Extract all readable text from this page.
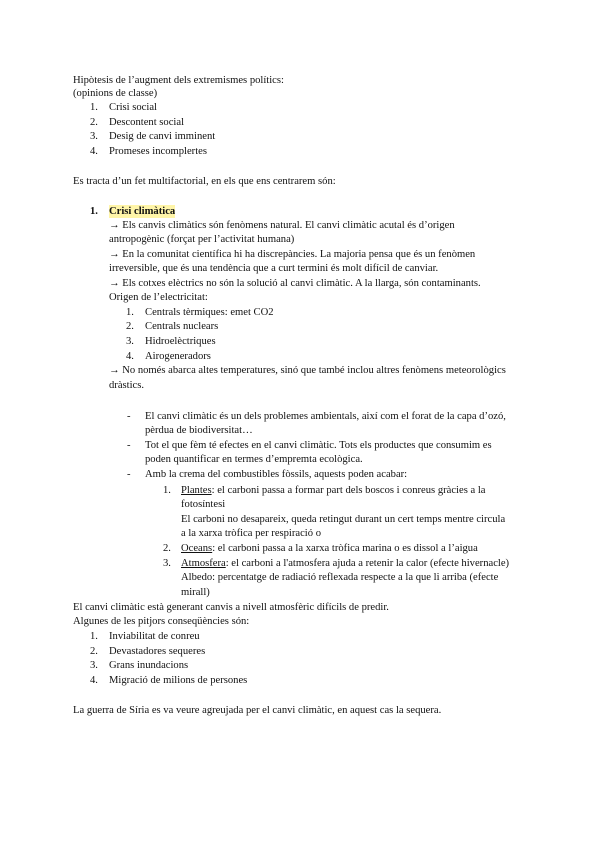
Hipòtesis de l’augment dels extremismes polítics:
(opinions de classe)
1. Crisi social
2. Descontent social
3. Desig de canvi imminent
4. Promeses incomplertes
Es tracta d’un fet multifactorial, en els que ens centrarem són:
1. Crisi climàtica
→ Els canvis climàtics són fenòmens natural. El canvi climàtic acutal és d’origen
antropogènic (forçat per l’activitat humana)
→ En la comunitat científica hi ha discrepàncies. La majoria pensa que és un fenòmen
irreversible, que és una tendència que a curt termini és molt difícil de canviar.
→ Els cotxes elèctrics no són la solució al canvi climàtic. A la llarga, són contaminants.
Origen de l’electricitat:
1. Centrals tèrmiques: emet CO2
2. Centrals nuclears
3. Hidroelèctriques
4. Airogeneradors
→ No només abarca altes temperatures, sinó que també inclou altres fenòmens meteorològics
dràstics.
- El canvi climàtic és un dels problemes ambientals, així com el forat de la capa d’ozó,
pèrdua de biodiversitat…
- Tot el que fèm té efectes en el canvi climàtic. Tots els productes que consumim es
poden quantificar en termes d’empremta ecològica.
- Amb la crema del combustibles fòssils, aquests poden acabar:
1. Plantes: el carboni passa a formar part dels boscos i conreus gràcies a la
fotosíntesi
El carboni no desapareix, queda retingut durant un cert temps mentre circula
a la xarxa tròfica per respiració o
2. Oceans: el carboni passa a la xarxa tròfica marina o es dissol a l’aigua
3. Atmosfera: el carboni a l'atmosfera ajuda a retenir la calor (efecte hivernacle)
Albedo: percentatge de radiació reflexada respecte a la que li arriba (efecte
mirall)
El canvi climàtic està generant canvis a nivell atmosfèric difícils de predir.
Algunes de les pitjors conseqüències són:
1. Inviabilitat de conreu
2. Devastadores sequeres
3. Grans inundacions
4. Migració de milions de persones
La guerra de Síria es va veure agreujada per el canvi climàtic, en aquest cas la sequera.
